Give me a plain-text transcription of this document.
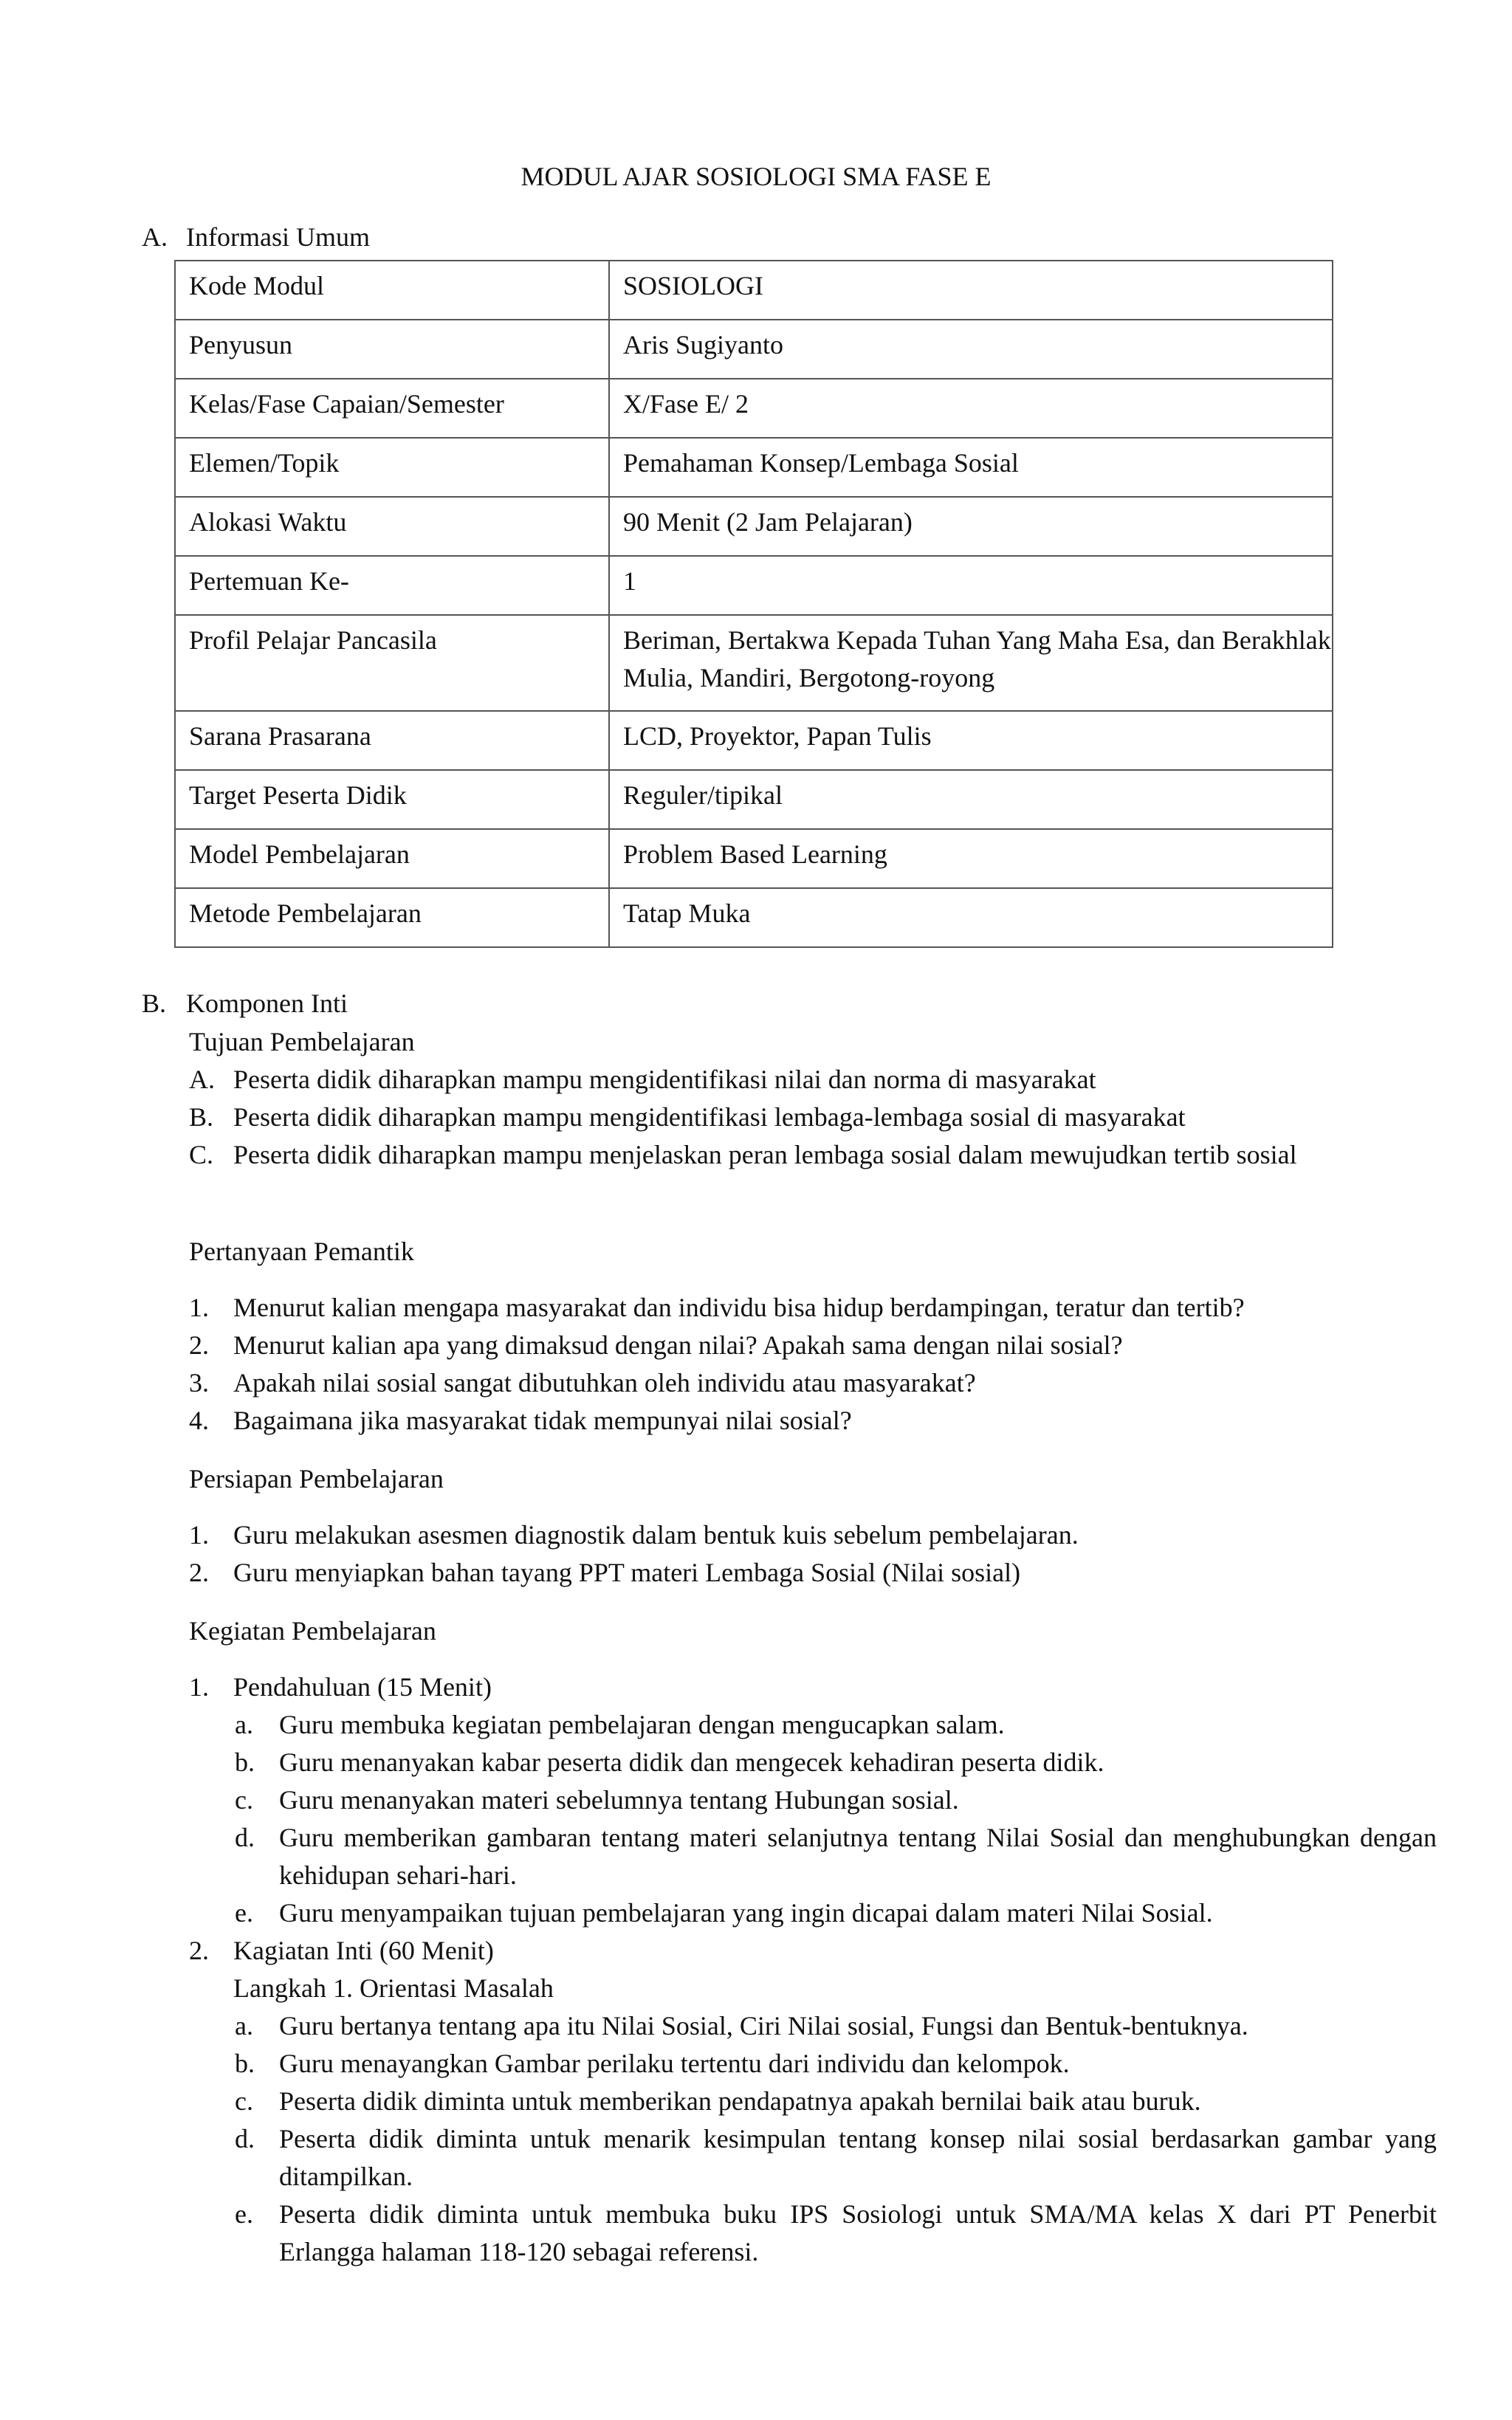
MODUL AJAR SOSIOLOGI SMA FASE E
A. Informasi Umum
Kode Modul	SOSIOLOGI

Penyusun	Aris Sugiyanto

Kelas/Fase Capaian/Semester	X/Fase E/ 2

Elemen/Topik	Pemahaman Konsep/Lembaga Sosial

Alokasi Waktu	90 Menit (2 Jam Pelajaran)

Pertemuan Ke-	1

Profil Pelajar Pancasila	Beriman, Bertakwa Kepada Tuhan Yang Maha Esa, dan Berakhlak Mulia, Mandiri, Bergotong-royong

Sarana Prasarana	LCD, Proyektor, Papan Tulis

Target Peserta Didik	Reguler/tipikal

Model Pembelajaran	Problem Based Learning

Metode Pembelajaran	Tatap Muka
B. Komponen Inti
Tujuan Pembelajaran
A. Peserta didik diharapkan mampu mengidentifikasi nilai dan norma di masyarakat
B. Peserta didik diharapkan mampu mengidentifikasi lembaga-lembaga sosial di masyarakat
C. Peserta didik diharapkan mampu menjelaskan peran lembaga sosial dalam mewujudkan tertib sosial
Pertanyaan Pemantik
1. Menurut kalian mengapa masyarakat dan individu bisa hidup berdampingan, teratur dan tertib?
2. Menurut kalian apa yang dimaksud dengan nilai? Apakah sama dengan nilai sosial?
3. Apakah nilai sosial sangat dibutuhkan oleh individu atau masyarakat?
4. Bagaimana jika masyarakat tidak mempunyai nilai sosial?
Persiapan Pembelajaran
1. Guru melakukan asesmen diagnostik dalam bentuk kuis sebelum pembelajaran.
2. Guru menyiapkan bahan tayang PPT materi Lembaga Sosial (Nilai sosial)
Kegiatan Pembelajaran
1. Pendahuluan (15 Menit)
a. Guru membuka kegiatan pembelajaran dengan mengucapkan salam.
b. Guru menanyakan kabar peserta didik dan mengecek kehadiran peserta didik.
c. Guru menanyakan materi sebelumnya tentang Hubungan sosial.
d. Guru memberikan gambaran tentang materi selanjutnya tentang Nilai Sosial dan menghubungkan dengan kehidupan sehari-hari.
e. Guru menyampaikan tujuan pembelajaran yang ingin dicapai dalam materi Nilai Sosial.
2. Kagiatan Inti (60 Menit)
Langkah 1. Orientasi Masalah
a. Guru bertanya tentang apa itu Nilai Sosial, Ciri Nilai sosial, Fungsi dan Bentuk-bentuknya.
b. Guru menayangkan Gambar perilaku tertentu dari individu dan kelompok.
c. Peserta didik diminta untuk memberikan pendapatnya apakah bernilai baik atau buruk.
d. Peserta didik diminta untuk menarik kesimpulan tentang konsep nilai sosial berdasarkan gambar yang ditampilkan.
e. Peserta didik diminta untuk membuka buku IPS Sosiologi untuk SMA/MA kelas X dari PT Penerbit Erlangga halaman 118-120 sebagai referensi.
